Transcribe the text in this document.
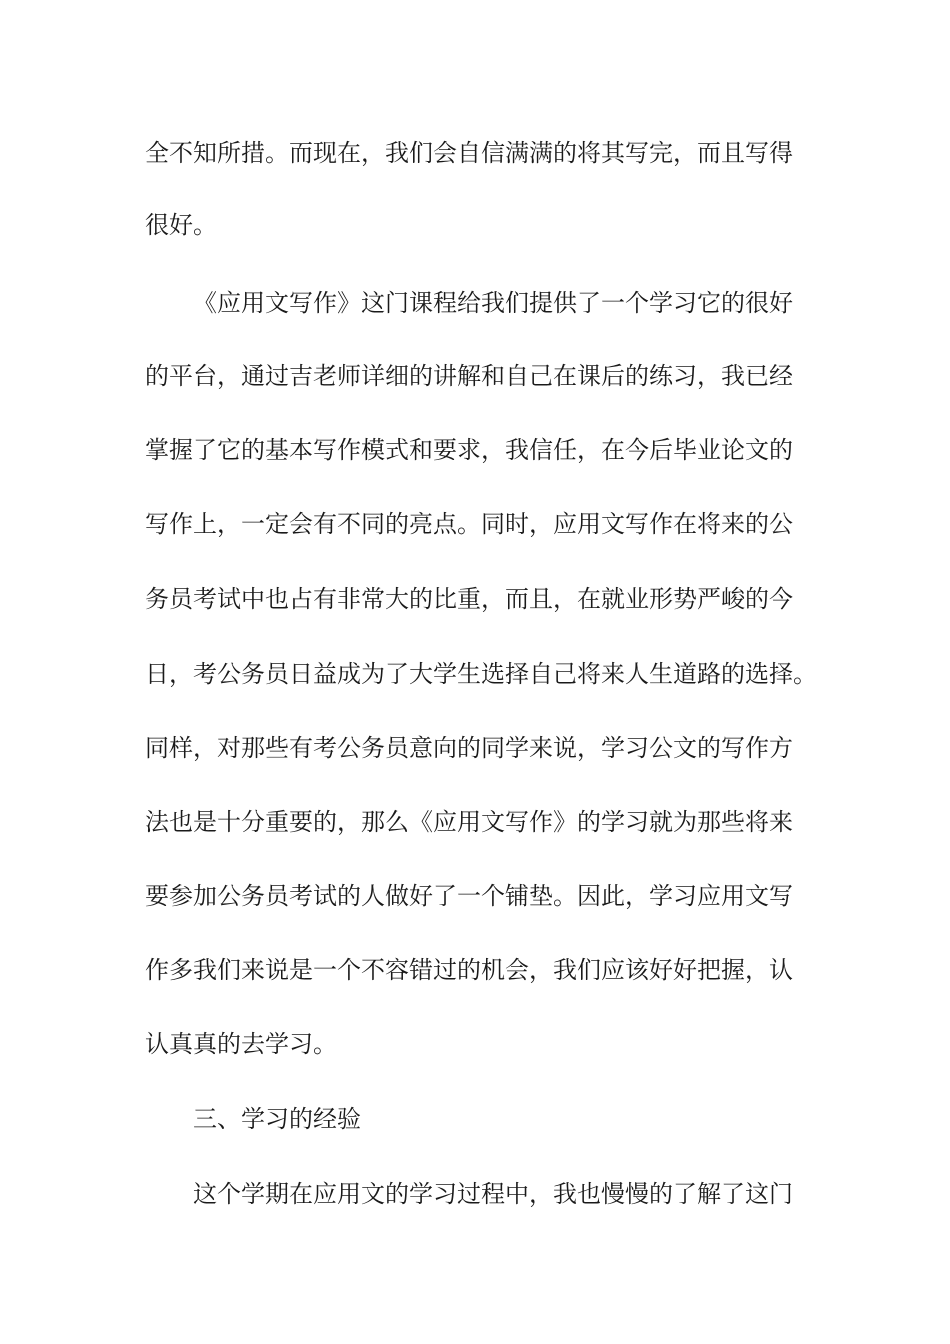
全不知所措。而现在，我们会自信满满的将其写完，而且写得
很好。
《应用文写作》这门课程给我们提供了一个学习它的很好
的平台，通过吉老师详细的讲解和自己在课后的练习，我已经
掌握了它的基本写作模式和要求，我信任，在今后毕业论文的
写作上，一定会有不同的亮点。同时，应用文写作在将来的公
务员考试中也占有非常大的比重，而且，在就业形势严峻的今
日，考公务员日益成为了大学生选择自己将来人生道路的选择。
同样，对那些有考公务员意向的同学来说，学习公文的写作方
法也是十分重要的，那么《应用文写作》的学习就为那些将来
要参加公务员考试的人做好了一个铺垫。因此，学习应用文写
作多我们来说是一个不容错过的机会，我们应该好好把握，认
认真真的去学习。
三、学习的经验
这个学期在应用文的学习过程中，我也慢慢的了解了这门
